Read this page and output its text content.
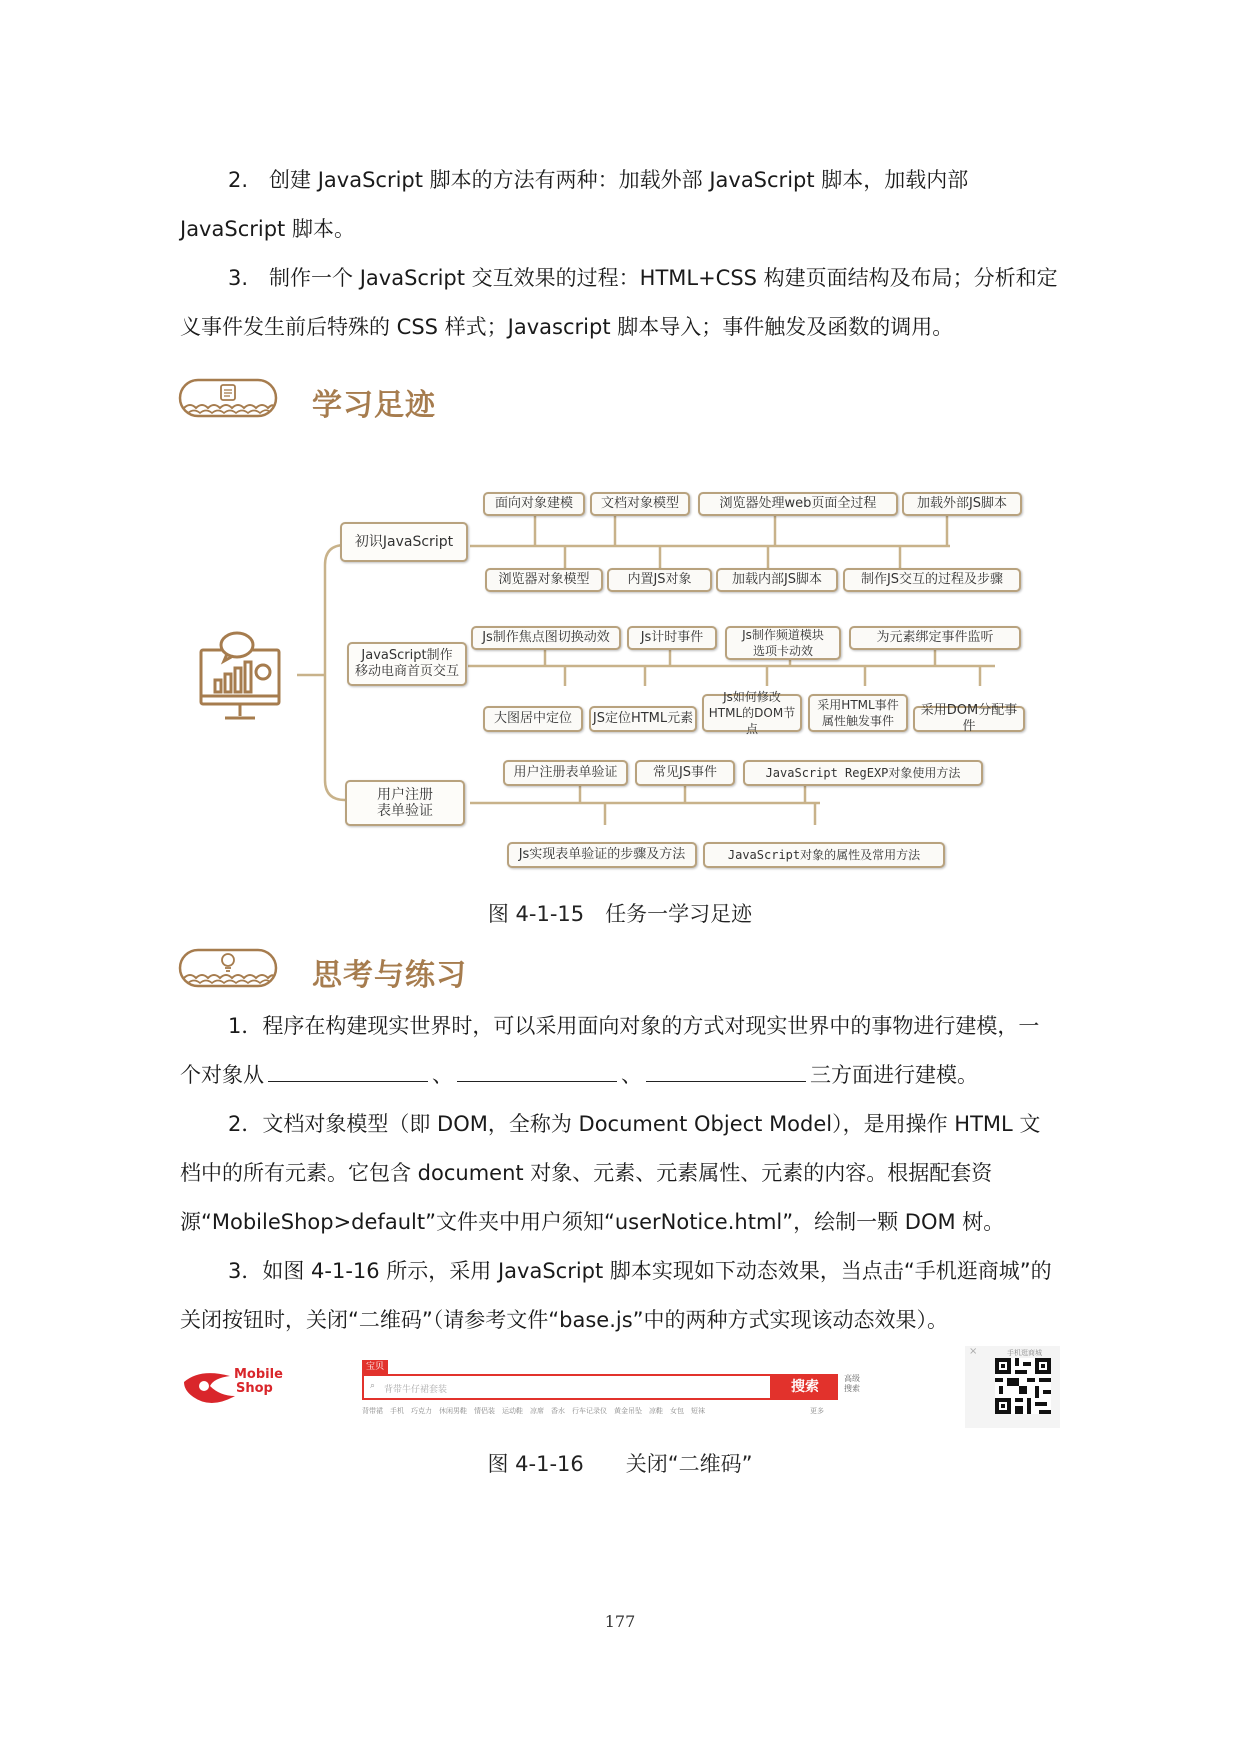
2.　创建 JavaScript 脚本的方法有两种：加载外部 JavaScript 脚本，加载内部 JavaScript 脚本。

3.　制作一个 JavaScript 交互效果的过程：HTML+CSS 构建页面结构及布局；分析和定义事件发生前后特殊的 CSS 样式；Javascript 脚本导入；事件触发及函数的调用。

学习足迹
初识JavaScript
面向对象建模	文档对象模型	浏览器处理web页面全过程	加载外部JS脚本
浏览器对象模型	内置JS对象	加载内部JS脚本	制作JS交互的过程及步骤
JavaScript制作
移动电商首页交互
Js制作焦点图切换动效	Js计时事件	Js制作频道模块
选项卡动效
为元素绑定事件监听
大图居中定位	JS定位HTML元素
Js如何修改
HTML的DOM节点
采用HTML事件
属性触发事件
采用DOM分配事件
用户注册
表单验证
用户注册表单验证	常见JS事件	JavaScript RegEXP对象使用方法
Js实现表单验证的步骤及方法	JavaScript对象的属性及常用方法
图 4-1-15　任务一学习足迹
思考与练习

1．程序在构建现实世界时，可以采用面向对象的方式对现实世界中的事物进行建模，一个对象从	、	、	三方面进行建模。

2．文档对象模型（即 DOM，全称为 Document Object Model），是用操作 HTML 文档中的所有元素。它包含 document 对象、元素、元素属性、元素的内容。根据配套资源“MobileShop>default”文件夹中用户须知“userNotice.html”，绘制一颗 DOM 树。

3．如图 4-1-16 所示，采用 JavaScript 脚本实现如下动态效果，当点击“手机逛商城”的关闭按钮时，关闭“二维码”（请参考文件“base.js”中的两种方式实现该动态效果）。

Mobile
Shop
宝贝
⌕ 背带牛仔裙套装	搜索
高级
搜索
背带裙　手机　巧克力　休闲男鞋　情侣装　运动鞋　凉席　香水　行车记录仪　黄金吊坠　凉鞋　女包　短袜	更多
×	手机逛商城
图 4-1-16　　关闭“二维码”
177
